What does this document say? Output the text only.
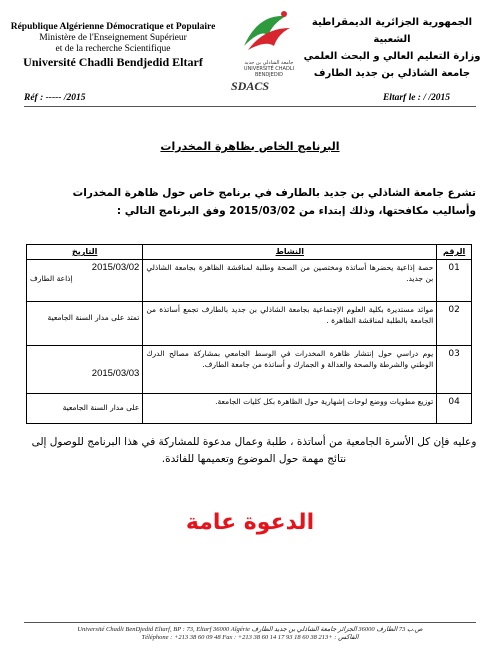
République Algérienne Démocratique et Populaire
Ministère de l'Enseignement Supérieur
et de la recherche Scientifique
Université Chadli Bendjedid Eltarf	جامعة الشاذلي بن جديد
UNIVERSITÉ CHADLI BENDJEDID
الجمهورية الجزائرية الديمقراطية الشعبية
وزارة التعليم العالي و البحث العلمي
جامعة الشاذلي بن جديد الطارف
SDACS
Réf : ----- /2015	Eltarf le : / /2015
البرنامج الخاص بظاهرة المخدرات
تشرع جامعة الشاذلي بن جديد بالطارف في برنامج خاص حول ظاهرة المخدرات وأساليب مكافحتها، وذلك إبتداء من 2015/03/02 وفق البرنامج التالي :
الرقم	النشاط	التاريخ
01	حصة إذاعية يحضرها أساتذة ومختصين من الصحة وطلبة لمناقشة الظاهرة بجامعة الشاذلي بن جديد.	2015/03/02
إذاعة الطارف

02	موائد مستديرة بكلية العلوم الإجتماعية بجامعة الشاذلي بن جديد بالطارف تجمع أساتذة من الجامعة بالطلبة لمناقشة الظاهرة .	تمتد على مدار السنة الجامعية

03	يوم دراسي حول إنتشار ظاهرة المخدرات في الوسط الجامعي بمشاركة مصالح الدرك الوطني والشرطة والصحة والعدالة و الجمارك و أساتذة من جامعة الطارف.	2015/03/03

04	توزيع مطويات ووضع لوحات إشهارية حول الظاهرة بكل كليات الجامعة.	على مدار السنة الجامعية
وعليه فإن كل الأسرة الجامعية من أساتذة ، طلبة وعمال مدعوة للمشاركة في هذا البرنامج للوصول إلى نتائج مهمة حول الموضوع وتعميمها للفائدة.
الدعوة عامة
Université Chadli BenDjedid Eltarf, BP : 73, Eltarf 36000 Algérie ص.ب 73 الطارف 36000 الجزائر جامعة الشاذلي بن جديد الطارف
Téléphone : +213 38 60 09 48 Fax : +213 38 60 14 17 الفاكس : +213 38 60 18 93
